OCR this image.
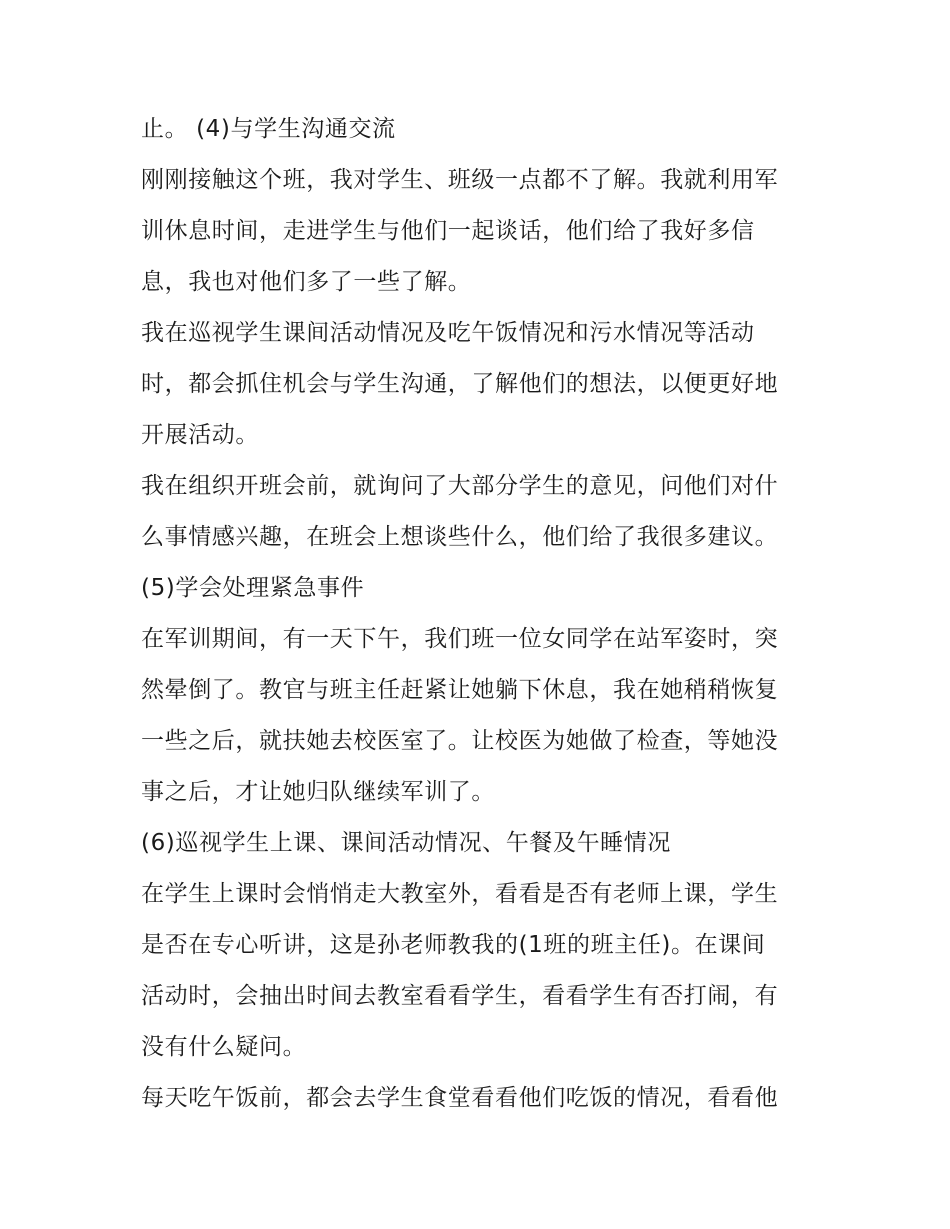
止。 (4)与学生沟通交流
刚刚接触这个班，我对学生、班级一点都不了解。我就利用军
训休息时间，走进学生与他们一起谈话，他们给了我好多信
息，我也对他们多了一些了解。
我在巡视学生课间活动情况及吃午饭情况和污水情况等活动
时，都会抓住机会与学生沟通，了解他们的想法，以便更好地
开展活动。
我在组织开班会前，就询问了大部分学生的意见，问他们对什
么事情感兴趣，在班会上想谈些什么，他们给了我很多建议。
(5)学会处理紧急事件
在军训期间，有一天下午，我们班一位女同学在站军姿时，突
然晕倒了。教官与班主任赶紧让她躺下休息，我在她稍稍恢复
一些之后，就扶她去校医室了。让校医为她做了检查，等她没
事之后，才让她归队继续军训了。
(6)巡视学生上课、课间活动情况、午餐及午睡情况
在学生上课时会悄悄走大教室外，看看是否有老师上课，学生
是否在专心听讲，这是孙老师教我的(1班的班主任)。在课间
活动时，会抽出时间去教室看看学生，看看学生有否打闹，有
没有什么疑问。
每天吃午饭前，都会去学生食堂看看他们吃饭的情况，看看他
